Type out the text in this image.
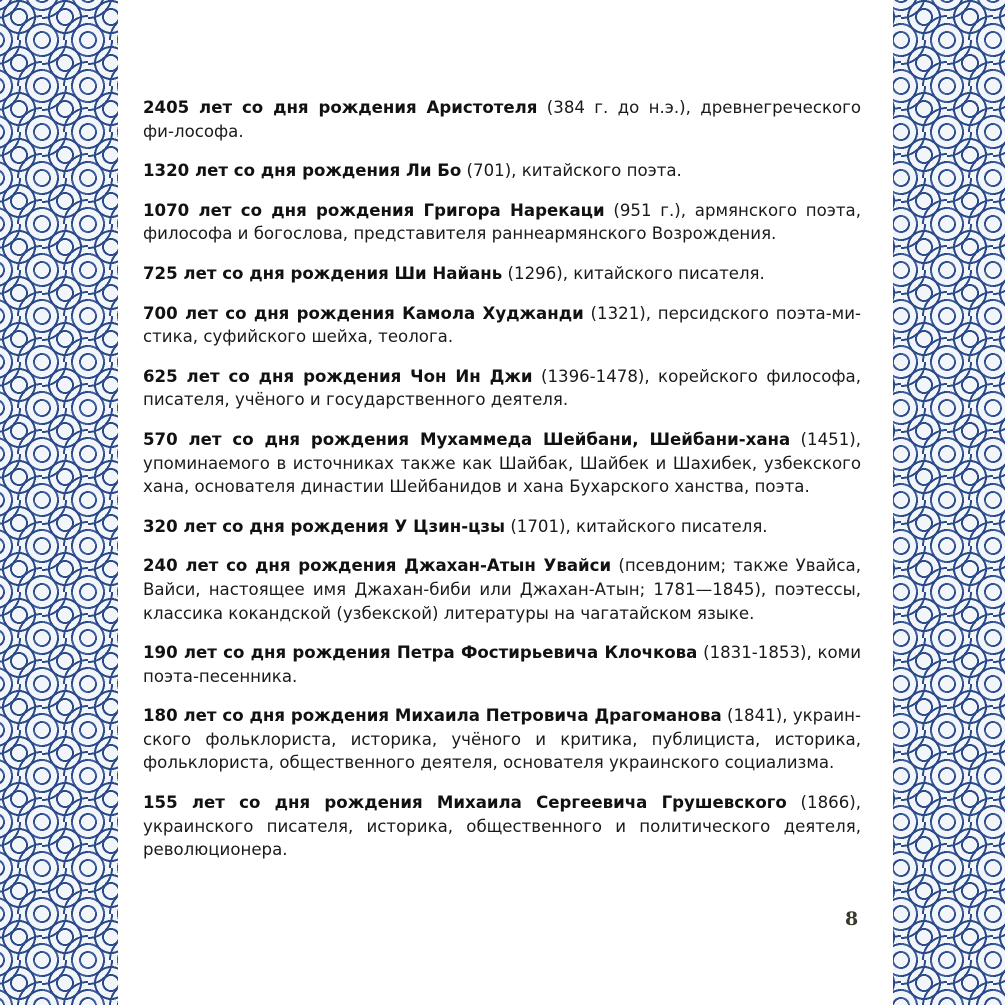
2405 лет со дня рождения Аристотеля (384 г. до н.э.), древнегреческого фи-лософа.

1320 лет со дня рождения Ли Бо (701), китайского поэта.

1070 лет со дня рождения Григора Нарекаци (951 г.), армянского поэта, философа и богослова, представителя раннеармянского Возрождения.

725 лет со дня рождения Ши Найань (1296), китайского писателя.

700 лет со дня рождения Камола Худжанди (1321), персидского поэта-мистика, суфийского шейха, теолога.

625 лет со дня рождения Чон Ин Джи (1396-1478), корейского философа, писателя, учёного и государственного деятеля.

570 лет со дня рождения Мухаммеда Шейбани, Шейбани-хана (1451), упоминаемого в источниках также как Шайбак, Шайбек и Шахибек, узбекского хана, основателя династии Шейбанидов и хана Бухарского ханства, поэта.

320 лет со дня рождения У Цзин-цзы (1701), китайского писателя.

240 лет со дня рождения Джахан-Атын Увайси (псевдоним; также Увайса, Вайси, настоящее имя Джахан-биби или Джахан-Атын; 1781—1845), поэтессы, классика кокандской (узбекской) литературы на чагатайском языке.

190 лет со дня рождения Петра Фостирьевича Клочкова (1831-1853), коми поэта-песенника.

180 лет со дня рождения Михаила Петровича Драгоманова (1841), украинского фольклориста, историка, учёного и критика, публициста, историка, фольклориста, общественного деятеля, основателя украинского социализма.

155 лет со дня рождения Михаила Сергеевича Грушевского (1866), украинского писателя, историка, общественного и политического деятеля, революционера.

8
